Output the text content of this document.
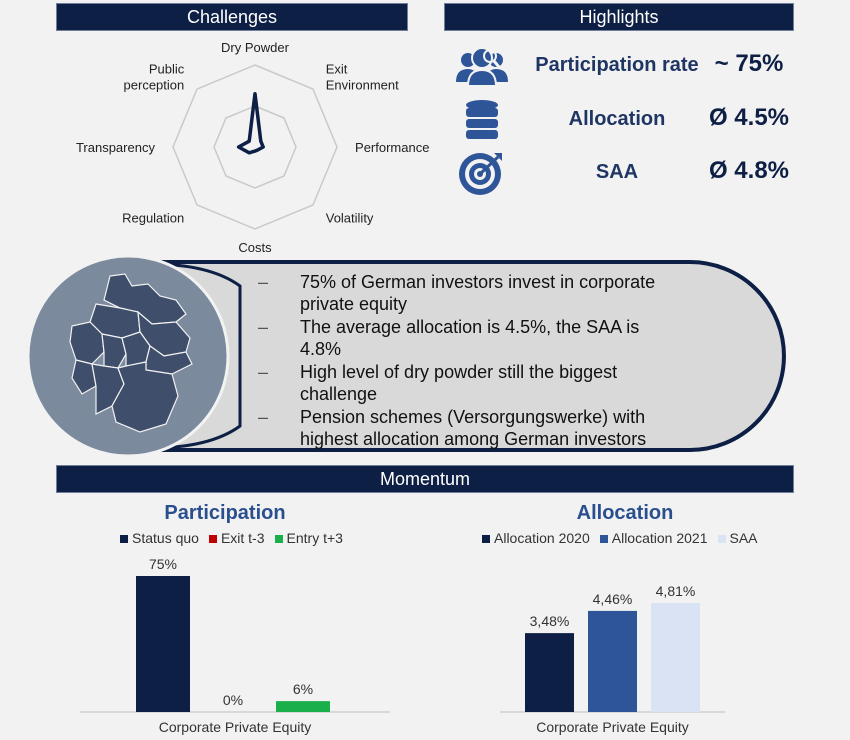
Challenges	Highlights
Momentum
Dry Powder
Exit Environment
Performance
Volatility
Costs
Regulation
Transparency
Public perception
Participation rate ~ 75%
Allocation	Ø 4.5%
SAA	Ø 4.8%
–	75% of German investors invest in corporate private equity
–	The average allocation is 4.5%, the SAA is 4.8%
–	High level of dry powder still the biggest challenge
–	Pension schemes (Versorgungswerke) with highest allocation among German investors
Participation
Status quo	Exit t-3	Entry t+3
75%
0%
6%
Corporate Private Equity
Allocation
Allocation 2020	Allocation 2021	SAA
3,48%
4,46% 4,81%
Corporate Private Equity
